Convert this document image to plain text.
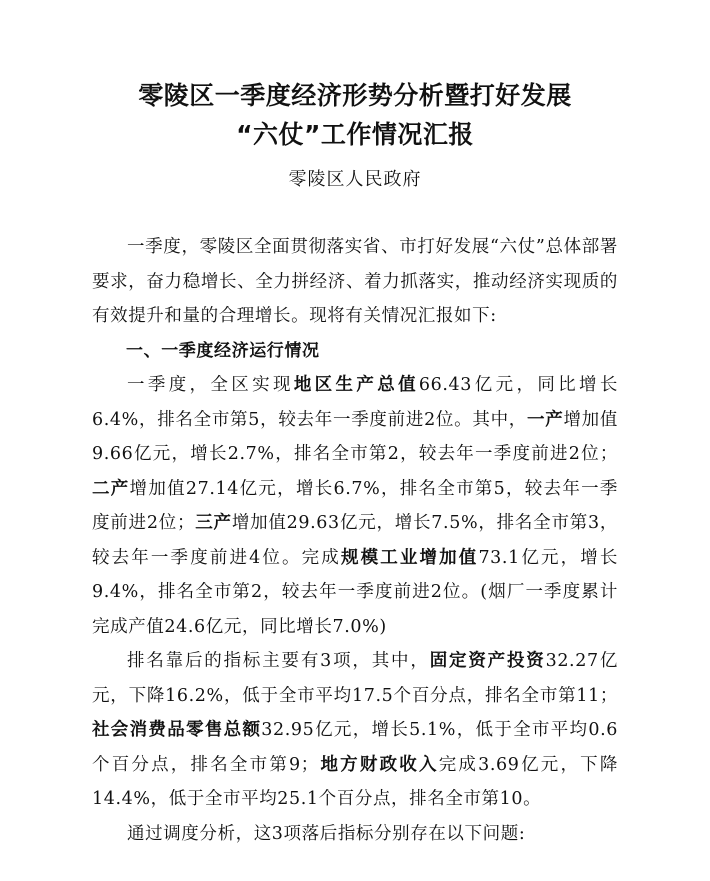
零陵区一季度经济形势分析暨打好发展
“六仗”工作情况汇报
零陵区人民政府

一季度，零陵区全面贯彻落实省、市打好发展“六仗”总体部署要求，奋力稳增长、全力拼经济、着力抓落实，推动经济实现质的有效提升和量的合理增长。现将有关情况汇报如下:

一、一季度经济运行情况

一季度，全区实现地区生产总值66.43亿元，同比增长6.4%，排名全市第5，较去年一季度前进2位。其中，一产增加值9.66亿元，增长2.7%，排名全市第2，较去年一季度前进2位；二产增加值27.14亿元，增长6.7%，排名全市第5，较去年一季度前进2位；三产增加值29.63亿元，增长7.5%，排名全市第3，较去年一季度前进4位。完成规模工业增加值73.1亿元，增长9.4%，排名全市第2，较去年一季度前进2位。(烟厂一季度累计完成产值24.6亿元，同比增长7.0%)

排名靠后的指标主要有3项，其中，固定资产投资32.27亿元，下降16.2%，低于全市平均17.5个百分点，排名全市第11；社会消费品零售总额32.95亿元，增长5.1%，低于全市平均0.6个百分点，排名全市第9；地方财政收入完成3.69亿元，下降14.4%，低于全市平均25.1个百分点，排名全市第10。

通过调度分析，这3项落后指标分别存在以下问题:
